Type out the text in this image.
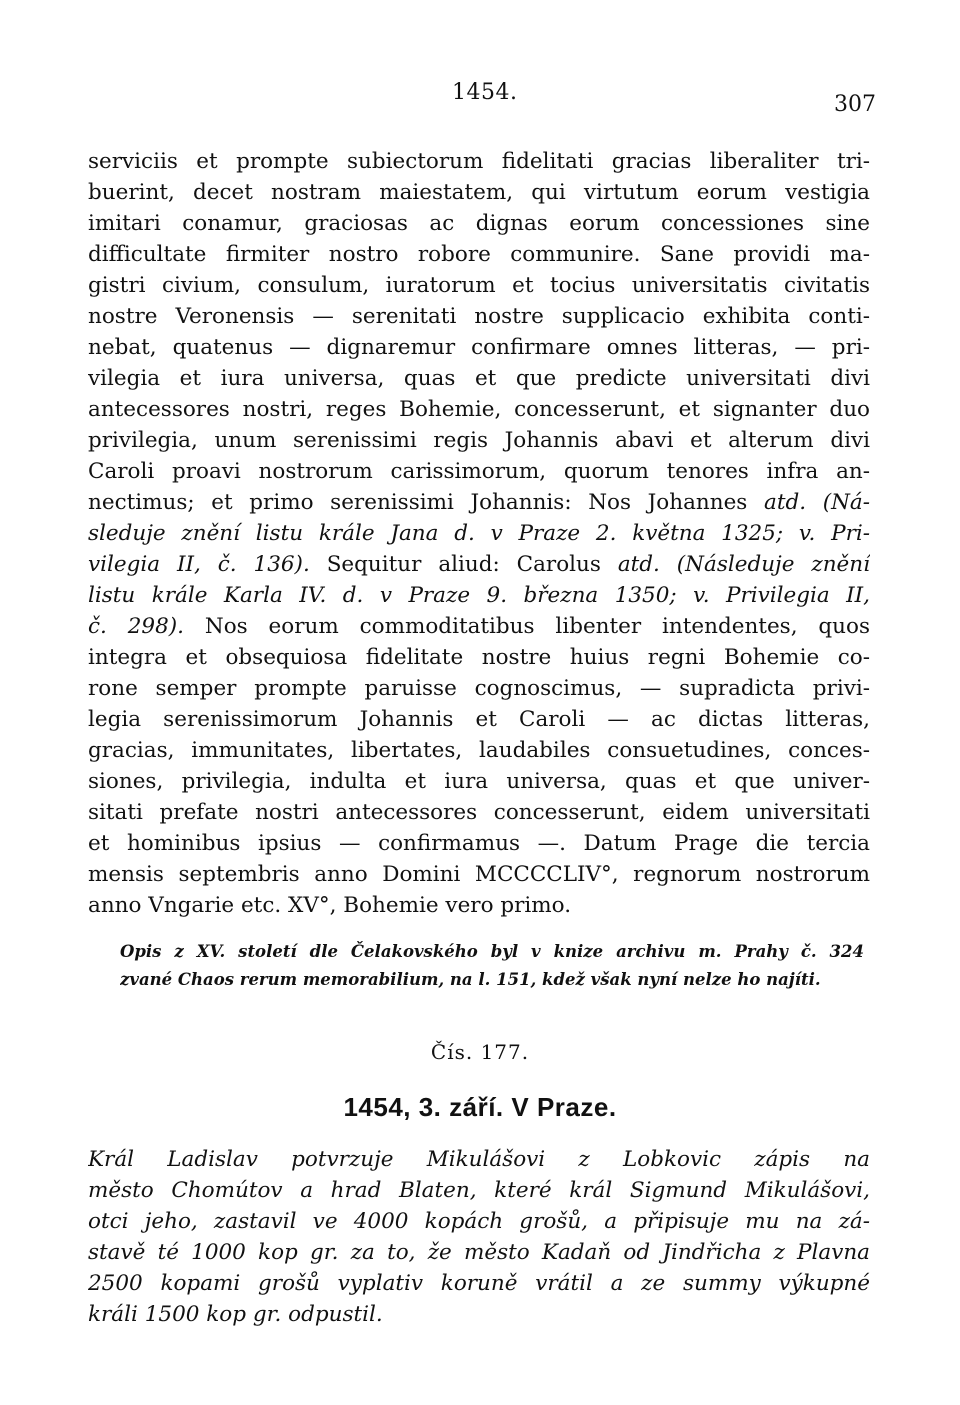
1454.	307
serviciis et prompte subiectorum fidelitati gracias liberaliter tri-
buerint, decet nostram maiestatem, qui virtutum eorum vestigia
imitari conamur, graciosas ac dignas eorum concessiones sine
difficultate firmiter nostro robore communire. Sane providi ma-
gistri civium, consulum, iuratorum et tocius universitatis civitatis
nostre Veronensis — serenitati nostre supplicacio exhibita conti-
nebat, quatenus — dignaremur confirmare omnes litteras, — pri-
vilegia et iura universa, quas et que predicte universitati divi
antecessores nostri, reges Bohemie, concesserunt, et signanter duo
privilegia, unum serenissimi regis Johannis abavi et alterum divi
Caroli proavi nostrorum carissimorum, quorum tenores infra an-
nectimus; et primo serenissimi Johannis: Nos Johannes atd. (Ná-
sleduje znění listu krále Jana d. v Praze 2. května 1325; v. Pri-
vilegia II, č. 136). Sequitur aliud: Carolus atd. (Následuje znění
listu krále Karla IV. d. v Praze 9. března 1350; v. Privilegia II,
č. 298). Nos eorum commoditatibus libenter intendentes, quos
integra et obsequiosa fidelitate nostre huius regni Bohemie co-
rone semper prompte paruisse cognoscimus, — supradicta privi-
legia serenissimorum Johannis et Caroli — ac dictas litteras,
gracias, immunitates, libertates, laudabiles consuetudines, conces-
siones, privilegia, indulta et iura universa, quas et que univer-
sitati prefate nostri antecessores concesserunt, eidem universitati
et hominibus ipsius — confirmamus —. Datum Prage die tercia
mensis septembris anno Domini MCCCCLIV°, regnorum nostrorum
anno Vngarie etc. XV°, Bohemie vero primo.
Opis z XV. století dle Čelakovského byl v knize archivu m. Prahy č. 324
zvané Chaos rerum memorabilium, na l. 151, kdež však nyní nelze ho najíti.
Čís. 177.
1454, 3. září. V Praze.
Král Ladislav potvrzuje Mikulášovi z Lobkovic zápis na
město Chomútov a hrad Blaten, které král Sigmund Mikulášovi,
otci jeho, zastavil ve 4000 kopách grošů, a připisuje mu na zá-
stavě té 1000 kop gr. za to, že město Kadaň od Jindřicha z Plavna
2500 kopami grošů vyplativ koruně vrátil a ze summy výkupné
králi 1500 kop gr. odpustil.
